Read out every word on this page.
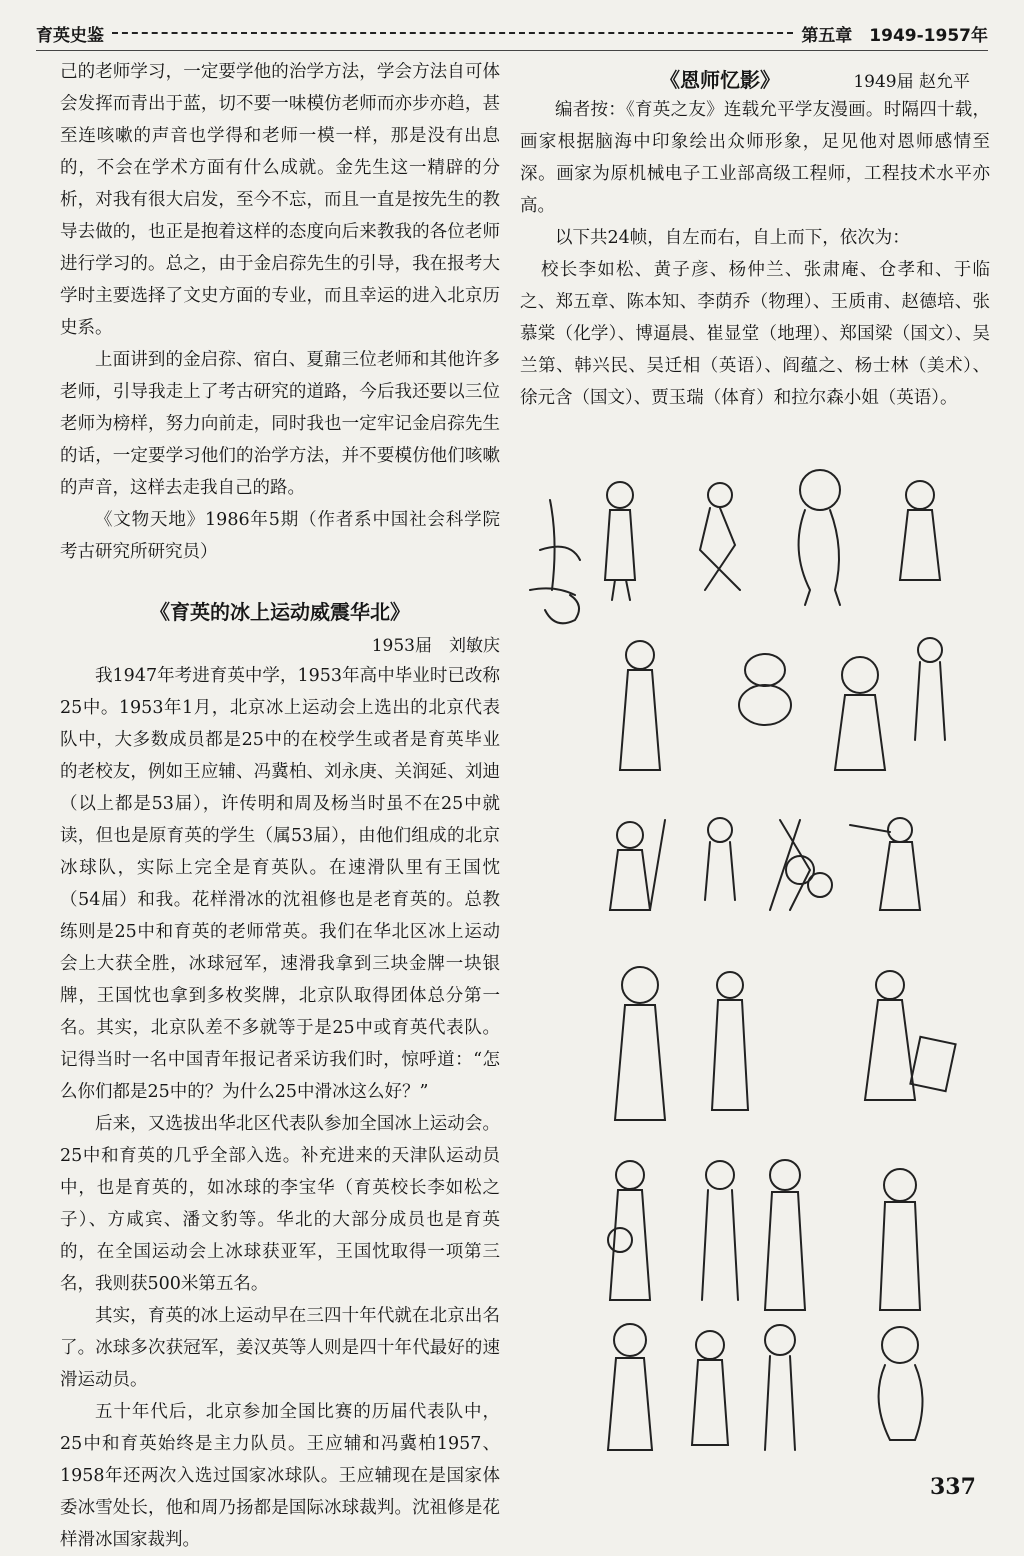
育英史鉴	第五章　1949-1957年

己的老师学习，一定要学他的治学方法，学会方法自可体会发挥而青出于蓝，切不要一味模仿老师而亦步亦趋，甚至连咳嗽的声音也学得和老师一模一样，那是没有出息的，不会在学术方面有什么成就。金先生这一精辟的分析，对我有很大启发，至今不忘，而且一直是按先生的教导去做的，也正是抱着这样的态度向后来教我的各位老师进行学习的。总之，由于金启孮先生的引导，我在报考大学时主要选择了文史方面的专业，而且幸运的进入北京历史系。

上面讲到的金启孮、宿白、夏鼐三位老师和其他许多老师，引导我走上了考古研究的道路，今后我还要以三位老师为榜样，努力向前走，同时我也一定牢记金启孮先生的话，一定要学习他们的治学方法，并不要模仿他们咳嗽的声音，这样去走我自己的路。

《文物天地》1986年5期（作者系中国社会科学院考古研究所研究员）

《育英的冰上运动威震华北》
1953届　刘敏庆

我1947年考进育英中学，1953年高中毕业时已改称25中。1953年1月，北京冰上运动会上选出的北京代表队中，大多数成员都是25中的在校学生或者是育英毕业的老校友，例如王应辅、冯冀柏、刘永庚、关润延、刘迪（以上都是53届），许传明和周及杨当时虽不在25中就读，但也是原育英的学生（属53届），由他们组成的北京冰球队，实际上完全是育英队。在速滑队里有王国忱（54届）和我。花样滑冰的沈祖修也是老育英的。总教练则是25中和育英的老师常英。我们在华北区冰上运动会上大获全胜，冰球冠军，速滑我拿到三块金牌一块银牌，王国忱也拿到多枚奖牌，北京队取得团体总分第一名。其实，北京队差不多就等于是25中或育英代表队。记得当时一名中国青年报记者采访我们时，惊呼道：“怎么你们都是25中的？为什么25中滑冰这么好？”

后来，又选拔出华北区代表队参加全国冰上运动会。25中和育英的几乎全部入选。补充进来的天津队运动员中，也是育英的，如冰球的李宝华（育英校长李如松之子）、方咸宾、潘文豹等。华北的大部分成员也是育英的，在全国运动会上冰球获亚军，王国忱取得一项第三名，我则获500米第五名。

其实，育英的冰上运动早在三四十年代就在北京出名了。冰球多次获冠军，姜汉英等人则是四十年代最好的速滑运动员。

五十年代后，北京参加全国比赛的历届代表队中，25中和育英始终是主力队员。王应辅和冯冀柏1957、1958年还两次入选过国家冰球队。王应辅现在是国家体委冰雪处长，他和周乃扬都是国际冰球裁判。沈祖修是花样滑冰国家裁判。

《恩师忆影》	1949届 赵允平

编者按：《育英之友》连载允平学友漫画。时隔四十载，画家根据脑海中印象绘出众师形象，足见他对恩师感情至深。画家为原机械电子工业部高级工程师，工程技术水平亦高。

以下共24帧，自左而右，自上而下，依次为：

校长李如松、黄子彦、杨仲兰、张肃庵、仓孝和、于临之、郑五章、陈本知、李荫乔（物理）、王质甫、赵德培、张慕棠（化学）、博逼晨、崔显堂（地理）、郑国梁（国文）、吴兰第、韩兴民、吴迁相（英语）、阎蕴之、杨士林（美术）、徐元含（国文）、贾玉瑞（体育）和拉尔森小姐（英语）。

337
